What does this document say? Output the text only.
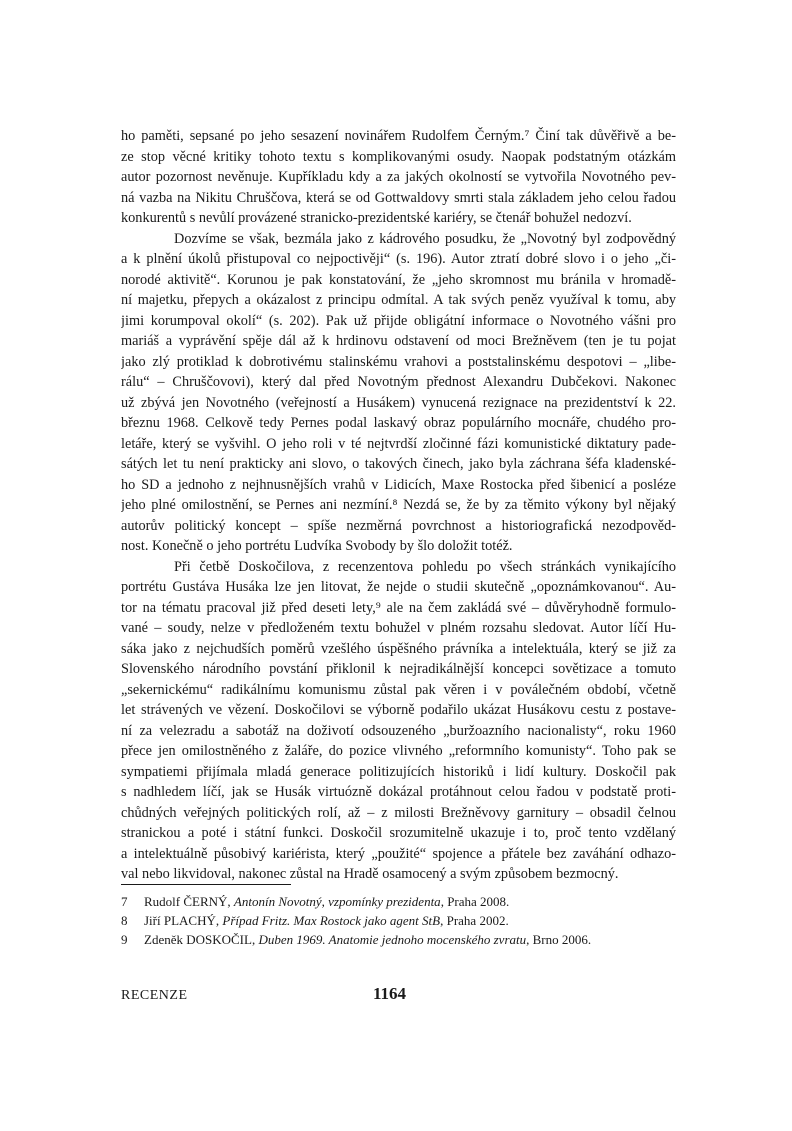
ho paměti, sepsané po jeho sesazení novinářem Rudolfem Černým.⁷ Činí tak důvěřivě a be-
ze stop věcné kritiky tohoto textu s komplikovanými osudy. Naopak podstatným otázkám
autor pozornost nevěnuje. Kupříkladu kdy a za jakých okolností se vytvořila Novotného pev-
ná vazba na Nikitu Chruščova, která se od Gottwaldovy smrti stala základem jeho celou řadou
konkurentů s nevůlí provázené stranicko-prezidentské kariéry, se čtenář bohužel nedozví.
Dozvíme se však, bezmála jako z kádrového posudku, že „Novotný byl zodpovědný
a k plnění úkolů přistupoval co nejpoctivěji“ (s. 196). Autor ztratí dobré slovo i o jeho „či-
norodé aktivitě“. Korunou je pak konstatování, že „jeho skromnost mu bránila v hromadě-
ní majetku, přepych a okázalost z principu odmítal. A tak svých peněz využíval k tomu, aby
jimi korumpoval okolí“ (s. 202). Pak už přijde obligátní informace o Novotného vášni pro
mariáš a vyprávění spěje dál až k hrdinovu odstavení od moci Brežněvem (ten je tu pojat
jako zlý protiklad k dobrotivému stalinskému vrahovi a poststalinskému despotovi – „libe-
rálu“ – Chruščovovi), který dal před Novotným přednost Alexandru Dubčekovi. Nakonec
už zbývá jen Novotného (veřejností a Husákem) vynucená rezignace na prezidentství k 22.
březnu 1968. Celkově tedy Pernes podal laskavý obraz populárního mocnáře, chudého pro-
letáře, který se vyšvihl. O jeho roli v té nejtvrdší zločinné fázi komunistické diktatury pade-
sátých let tu není prakticky ani slovo, o takových činech, jako byla záchrana šéfa kladenské-
ho SD a jednoho z nejhnusnějších vrahů v Lidicích, Maxe Rostocka před šibenicí a posléze
jeho plné omilostnění, se Pernes ani nezmíní.⁸ Nezdá se, že by za těmito výkony byl nějaký
autorův politický koncept – spíše nezměrná povrchnost a historiografická nezodpověd-
nost. Konečně o jeho portrétu Ludvíka Svobody by šlo doložit totéž.
Při četbě Doskočilova, z recenzentova pohledu po všech stránkách vynikajícího
portrétu Gustáva Husáka lze jen litovat, že nejde o studii skutečně „opoznámkovanou“. Au-
tor na tématu pracoval již před deseti lety,⁹ ale na čem zakládá své – důvěryhodně formulo-
vané – soudy, nelze v předloženém textu bohužel v plném rozsahu sledovat. Autor líčí Hu-
sáka jako z nejchudších poměrů vzešlého úspěšného právníka a intelektuála, který se již za
Slovenského národního povstání přiklonil k nejradikálnější koncepci sovětizace a tomuto
„sekernickému“ radikálnímu komunismu zůstal pak věren i v poválečném období, včetně
let strávených ve vězení. Doskočilovi se výborně podařilo ukázat Husákovu cestu z postave-
ní za velezradu a sabotáž na doživotí odsouzeného „buržoazního nacionalisty“, roku 1960
přece jen omilostněného z žaláře, do pozice vlivného „reformního komunisty“. Toho pak se
sympatiemi přijímala mladá generace politizujících historiků i lidí kultury. Doskočil pak
s nadhledem líčí, jak se Husák virtuózně dokázal protáhnout celou řadou v podstatě proti-
chůdných veřejných politických rolí, až – z milosti Brežněvovy garnitury – obsadil čelnou
stranickou a poté i státní funkci. Doskočil srozumitelně ukazuje i to, proč tento vzdělaný
a intelektuálně působivý kariérista, který „použité“ spojence a přátele bez zaváhání odhazo-
val nebo likvidoval, nakonec zůstal na Hradě osamocený a svým způsobem bezmocný.
7	Rudolf ČERNÝ, Antonín Novotný, vzpomínky prezidenta, Praha 2008.
8	Jiří PLACHÝ, Případ Fritz. Max Rostock jako agent StB, Praha 2002.
9	Zdeněk DOSKOČIL, Duben 1969. Anatomie jednoho mocenského zvratu, Brno 2006.
RECENZE	1164
